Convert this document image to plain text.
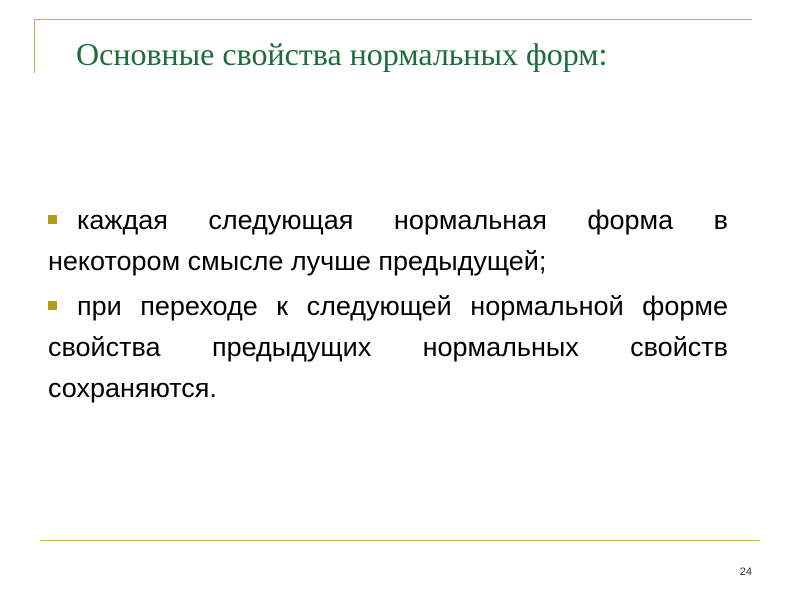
Основные свойства нормальных форм:

каждая следующая нормальная форма в некотором смысле лучше предыдущей;

при переходе к следующей нормальной форме свойства предыдущих нормальных свойств сохраняются.

24
